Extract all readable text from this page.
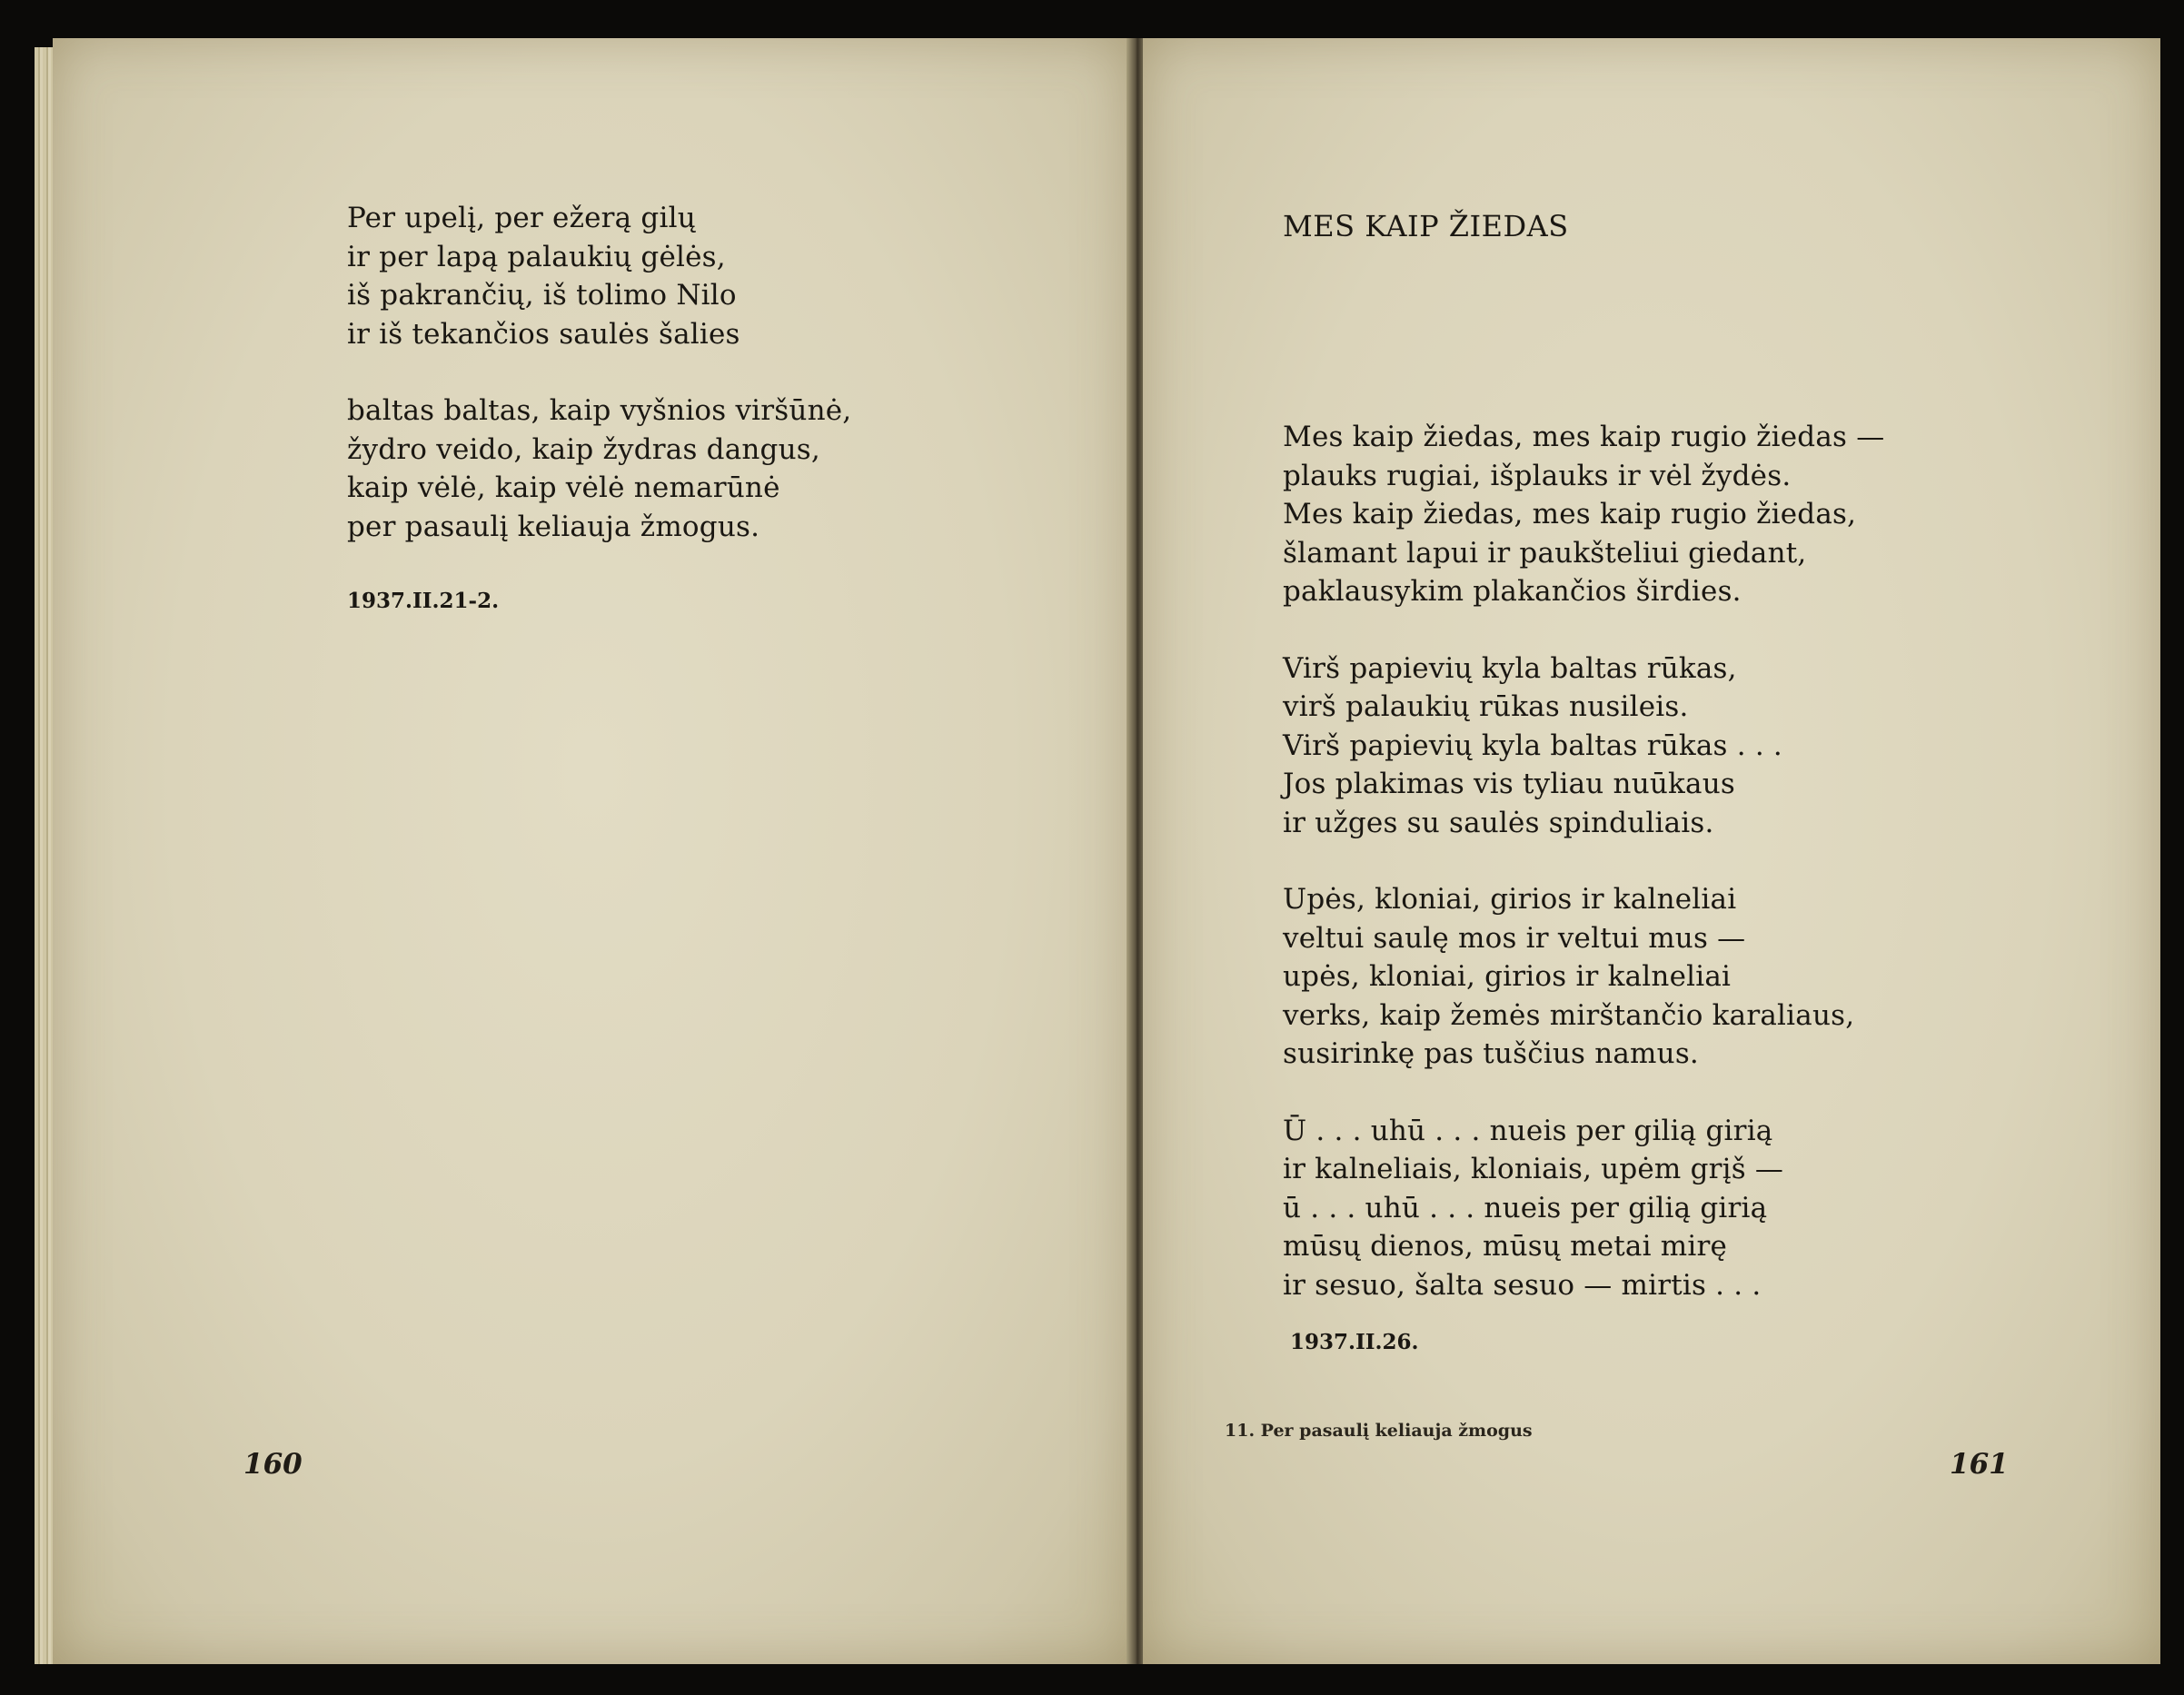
Per upelį, per ežerą gilų
ir per lapą palaukių gėlės,
iš pakrančių, iš tolimo Nilo
ir iš tekančios saulės šalies
baltas baltas, kaip vyšnios viršūnė,
žydro veido, kaip žydras dangus,
kaip vėlė, kaip vėlė nemarūnė
per pasaulį keliauja žmogus.
1937.II.21-2.
160
MES KAIP ŽIEDAS
Mes kaip žiedas, mes kaip rugio žiedas —
plauks rugiai, išplauks ir vėl žydės.
Mes kaip žiedas, mes kaip rugio žiedas,
šlamant lapui ir paukšteliui giedant,
paklausykim plakančios širdies.
Virš papievių kyla baltas rūkas,
virš palaukių rūkas nusileis.
Virš papievių kyla baltas rūkas . . .
Jos plakimas vis tyliau nuūkaus
ir užges su saulės spinduliais.
Upės, kloniai, girios ir kalneliai
veltui saulę mos ir veltui mus —
upės, kloniai, girios ir kalneliai
verks, kaip žemės mirštančio karaliaus,
susirinkę pas tuščius namus.
Ū . . . uhū . . . nueis per gilią girią
ir kalneliais, kloniais, upėm grįš —
ū . . . uhū . . . nueis per gilią girią
mūsų dienos, mūsų metai mirę
ir sesuo, šalta sesuo — mirtis . . .
1937.II.26.
11. Per pasaulį keliauja žmogus
161
